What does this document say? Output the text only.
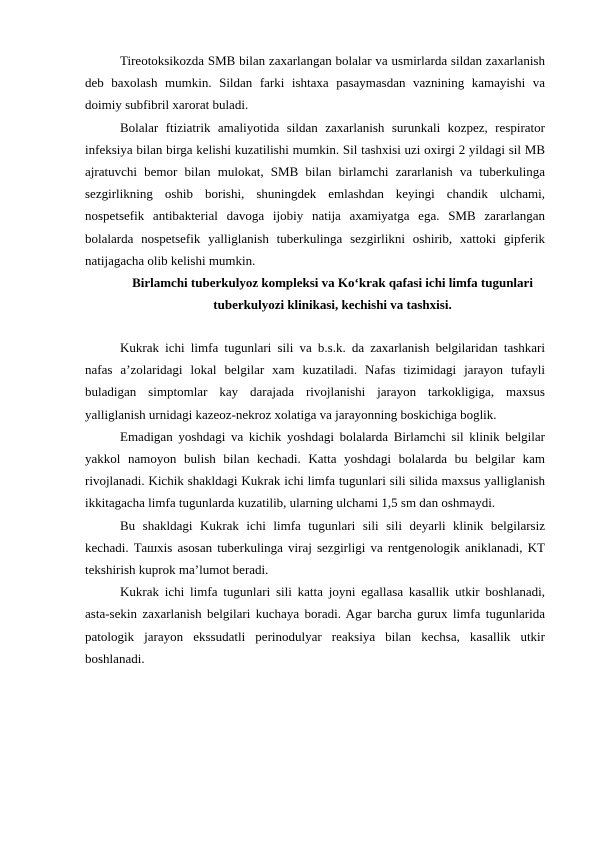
Tireotoksikozda SMB bilan zaxarlangan bolalar va usmirlarda sildan zaxarlanish deb baxolash mumkin. Sildan farki ishtaxa pasaymasdan vaznining kamayishi va doimiy subfibril xarorat buladi.

Bolalar ftiziatrik amaliyotida sildan zaxarlanish surunkali kozpez, respirator infeksiya bilan birga kelishi kuzatilishi mumkin. Sil tashxisi uzi oxirgi 2 yildagi sil MB ajratuvchi bemor bilan mulokat, SMB bilan birlamchi zararlanish va tuberkulinga sezgirlikning oshib borishi, shuningdek emlashdan keyingi chandik ulchami, nospetsefik antibakterial davoga ijobiy natija axamiyatga ega. SMB zararlangan bolalarda nospetsefik yalliglanish tuberkulinga sezgirlikni oshirib, xattoki gipferik natijagacha olib kelishi mumkin.

Birlamchi tuberkulyoz kompleksi va Ko‘krak qafasi ichi limfa tugunlari tuberkulyozi klinikasi, kechishi va tashxisi.

Kukrak ichi limfa tugunlari sili va b.s.k. da zaxarlanish belgilaridan tashkari nafas a’zolaridagi lokal belgilar xam kuzatiladi. Nafas tizimidagi jarayon tufayli buladigan simptomlar kay darajada rivojlanishi jarayon tarkokligiga, maxsus yalliglanish urnidagi kazeoz-nekroz xolatiga va jarayonning boskichiga boglik.

Emadigan yoshdagi va kichik yoshdagi bolalarda Birlamchi sil klinik belgilar yakkol namoyon bulish bilan kechadi. Katta yoshdagi bolalarda bu belgilar kam rivojlanadi. Kichik shakldagi Kukrak ichi limfa tugunlari sili silida maxsus yalliglanish ikkitagacha limfa tugunlarda kuzatilib, ularning ulchami 1,5 sm dan oshmaydi.

Bu shakldagi Kukrak ichi limfa tugunlari sili sili deyarli klinik belgilarsiz kechadi. Ташхis asosan tuberkulinga viraj sezgirligi va rentgenologik aniklanadi, KT tekshirish kuprok ma’lumot beradi.

Kukrak ichi limfa tugunlari sili katta joyni egallasa kasallik utkir boshlanadi, asta-sekin zaxarlanish belgilari kuchaya boradi. Agar barcha gurux limfa tugunlarida patologik jarayon ekssudatli perinodulyar reaksiya bilan kechsa, kasallik utkir boshlanadi.
